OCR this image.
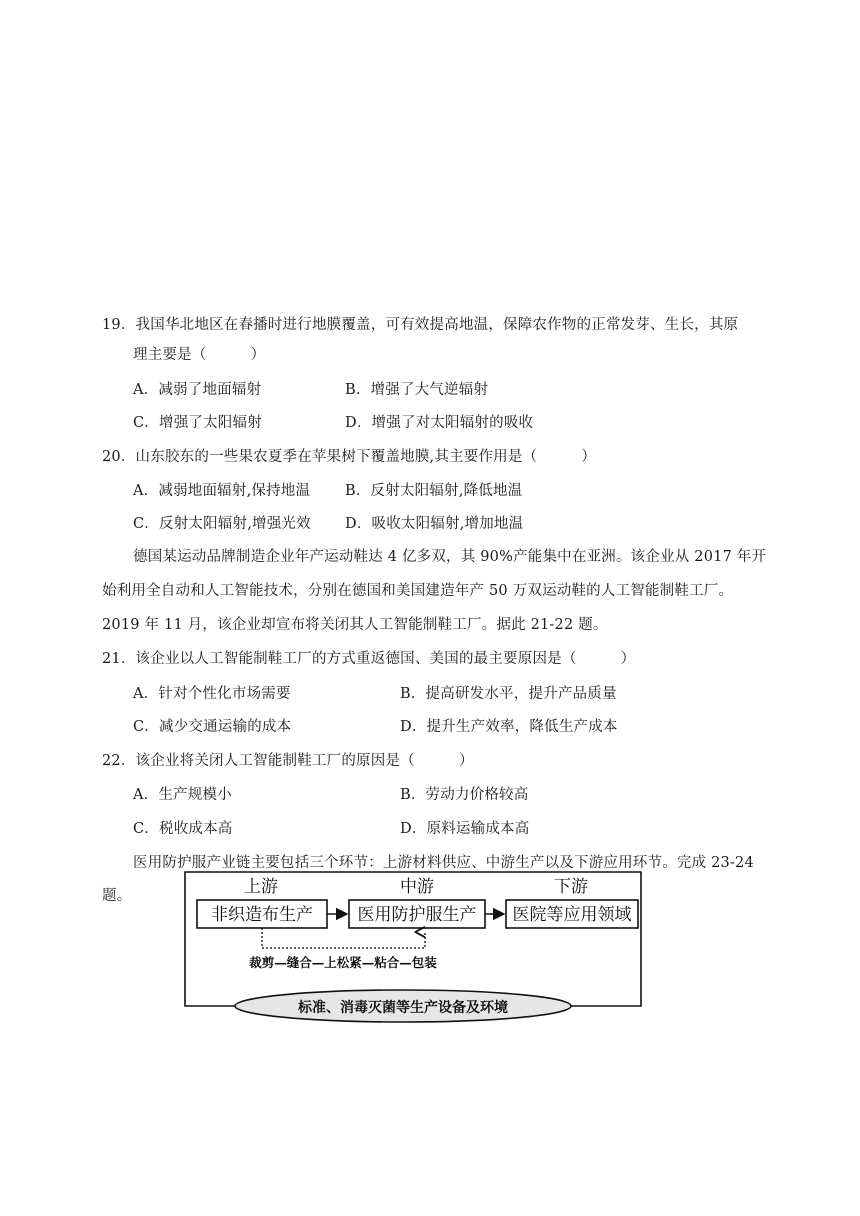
19．我国华北地区在春播时进行地膜覆盖，可有效提高地温，保障农作物的正常发芽、生长，其原
理主要是（　　　）
A．减弱了地面辐射	B．增强了大气逆辐射
C．增强了太阳辐射	D．增强了对太阳辐射的吸收
20．山东胶东的一些果农夏季在苹果树下覆盖地膜,其主要作用是（　　　）
A．减弱地面辐射,保持地温 B．反射太阳辐射,降低地温
C．反射太阳辐射,增强光效 D．吸收太阳辐射,增加地温
德国某运动品牌制造企业年产运动鞋达 4 亿多双，其 90%产能集中在亚洲。该企业从 2017 年开
始利用全自动和人工智能技术，分别在德国和美国建造年产 50 万双运动鞋的人工智能制鞋工厂。
2019 年 11 月，该企业却宣布将关闭其人工智能制鞋工厂。据此 21-22 题。
21．该企业以人工智能制鞋工厂的方式重返德国、美国的最主要原因是（　　　）
A．针对个性化市场需要	B．提高研发水平，提升产品质量
C．减少交通运输的成本	D．提升生产效率，降低生产成本
22．该企业将关闭人工智能制鞋工厂的原因是（　　　）
A．生产规模小	B．劳动力价格较高
C．税收成本高	D．原料运输成本高
医用防护服产业链主要包括三个环节：上游材料供应、中游生产以及下游应用环节。完成 23-24
题。	上游	中游	下游
非织造布生产	医用防护服生产 医院等应用领域
裁剪—缝合—上松紧—粘合—包装
标准、消毒灭菌等生产设备及环境
